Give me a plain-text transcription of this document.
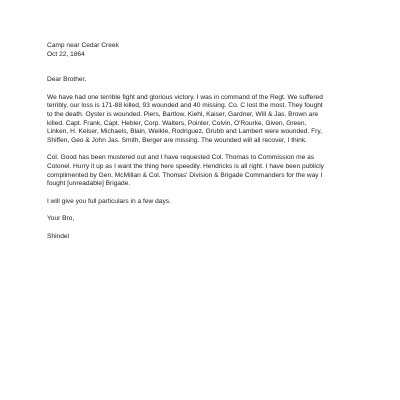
Camp near Cedar Creek
Oct 22, 1864
Dear Brother,
We have had one terrible fight and glorious victory. I was in command of the Regt. We suffered
terribly, our loss is 171-88 killed, 93 wounded and 40 missing. Co. C lost the most. They fought
to the death. Oyster is wounded. Piers, Bartlow, Kiehl, Kaiser, Gardner, Will & Jas. Brown are
killed. Capt. Frank, Capt. Hebler, Corp. Walters, Pointer, Colvin, O'Rourke, Given, Green,
Linken, H. Keiser, Michaels, Blain, Weikle, Rodriguez, Grubb and Lambert were wounded. Fry,
Shiffen, Geo & John Jas. Smith, Berger are missing. The wounded will all recover, I think.
Col. Good has been mustered out and I have requested Col. Thomas to Commission me as
Colonel. Hurry it up as I want the thing here speedily. Hendricks is all right. I have been publicly
complimented by Gen. McMillan & Col. Thomas' Division & Brigade Commanders for the way I
fought [unreadable] Brigade.
I will give you full particulars in a few days.
Your Bro,
Shindel
